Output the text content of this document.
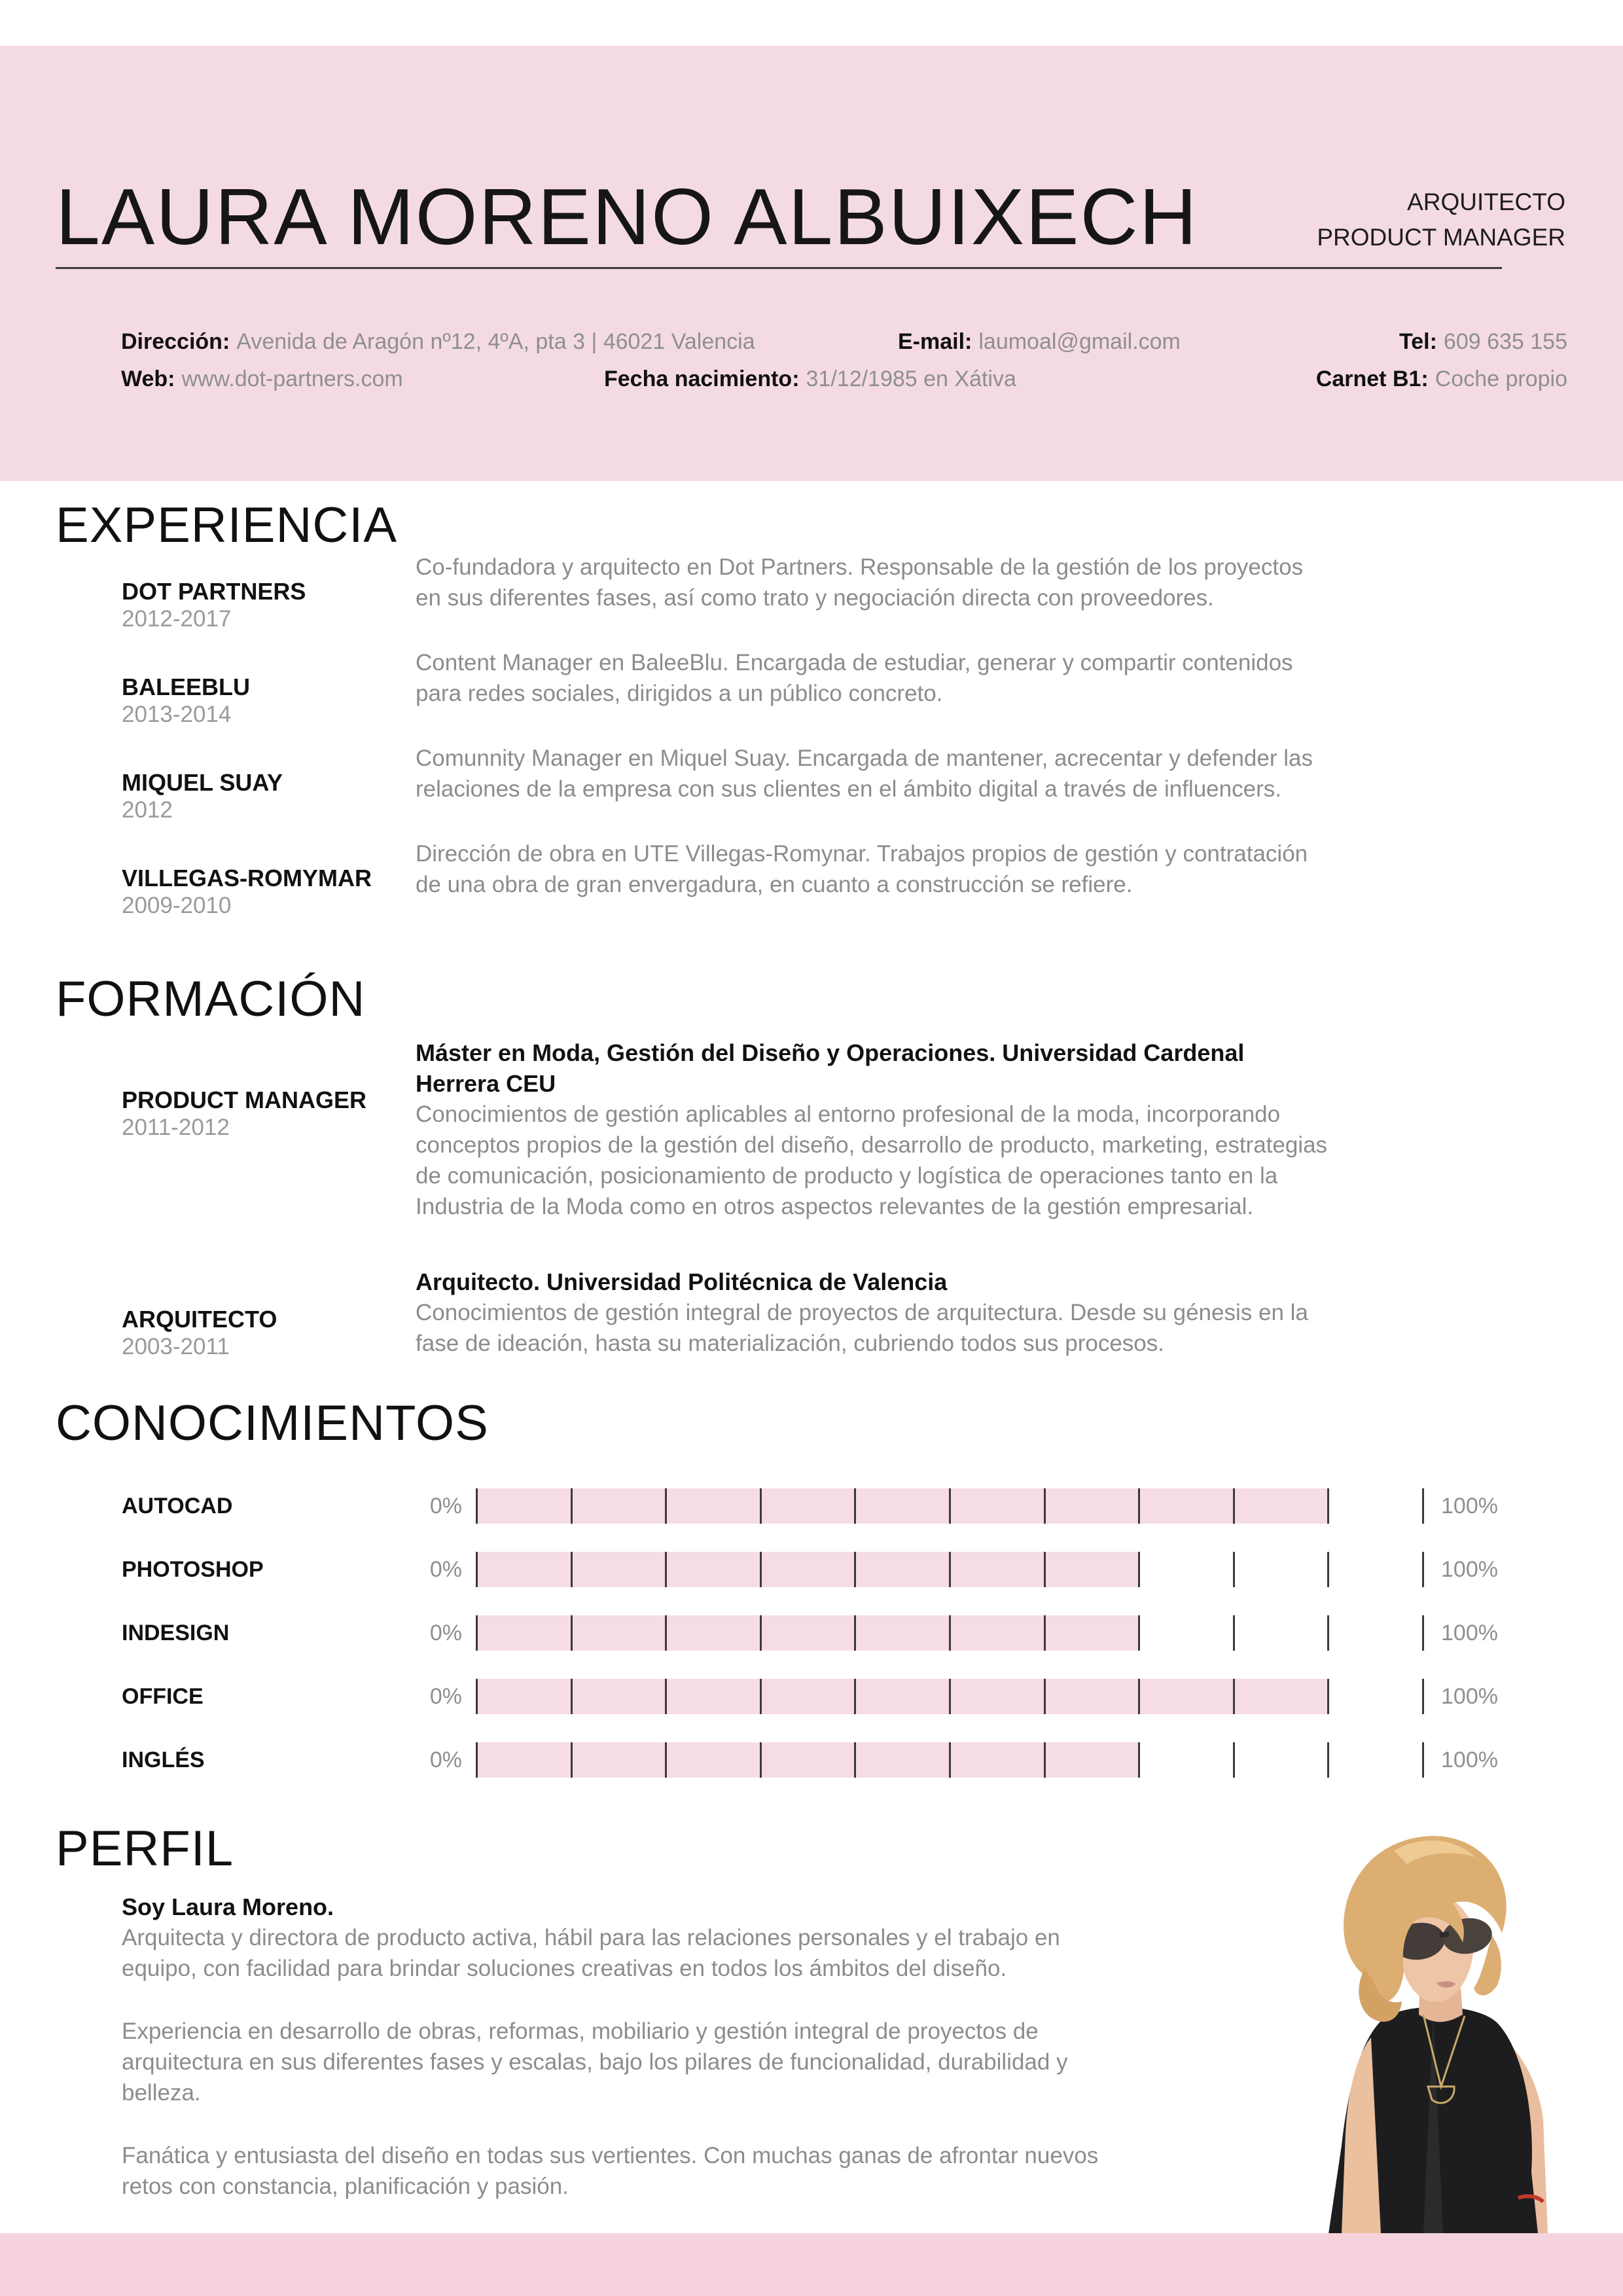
LAURA MORENO ALBUIXECH	ARQUITECTO
PRODUCT MANAGER
Dirección: Avenida de Aragón nº12, 4ºA, pta 3 | 46021 Valencia	E-mail: laumoal@gmail.com	Tel: 609 635 155
Web: www.dot-partners.com	Fecha nacimiento: 31/12/1985 en Xátiva	Carnet B1: Coche propio
EXPERIENCIA
DOT PARTNERS
2012-2017
Co-fundadora y arquitecto en Dot Partners. Responsable de la gestión de los proyectos en sus diferentes fases, así como trato y negociación directa con proveedores.
BALEEBLU
2013-2014
Content Manager en BaleeBlu. Encargada de estudiar, generar y compartir contenidos para redes sociales, dirigidos a un público concreto.
MIQUEL SUAY
2012
Comunnity Manager en Miquel Suay. Encargada de mantener, acrecentar y defender las relaciones de la empresa con sus clientes en el ámbito digital a través de influencers.
VILLEGAS-ROMYMAR
2009-2010
Dirección de obra en UTE Villegas-Romynar. Trabajos propios de gestión y contratación de una obra de gran envergadura, en cuanto a construcción se refiere.
FORMACIÓN
PRODUCT MANAGER
2011-2012
Máster en Moda, Gestión del Diseño y Operaciones. Universidad Cardenal Herrera CEU
Conocimientos de gestión aplicables al entorno profesional de la moda, incorporando conceptos propios de la gestión del diseño, desarrollo de producto, marketing, estrategias de comunicación, posicionamiento de producto y logística de operaciones tanto en la Industria de la Moda como en otros aspectos relevantes de la gestión empresarial.
ARQUITECTO
2003-2011
Arquitecto. Universidad Politécnica de Valencia
Conocimientos de gestión integral de proyectos de arquitectura. Desde su génesis en la fase de ideación, hasta su materialización, cubriendo todos sus procesos.
CONOCIMIENTOS
AUTOCAD	0%	100%
PHOTOSHOP	0%	100%
INDESIGN	0%	100%
OFFICE	0%	100%
INGLÉS	0%	100%
PERFIL
Soy Laura Moreno.

Arquitecta y directora de producto activa, hábil para las relaciones personales y el trabajo en equipo, con facilidad para brindar soluciones creativas en todos los ámbitos del diseño.

Experiencia en desarrollo de obras, reformas, mobiliario y gestión integral de proyectos de arquitectura en sus diferentes fases y escalas, bajo los pilares de funcionalidad, durabilidad y belleza.

Fanática y entusiasta del diseño en todas sus vertientes. Con muchas ganas de afrontar nuevos retos con constancia, planificación y pasión.
